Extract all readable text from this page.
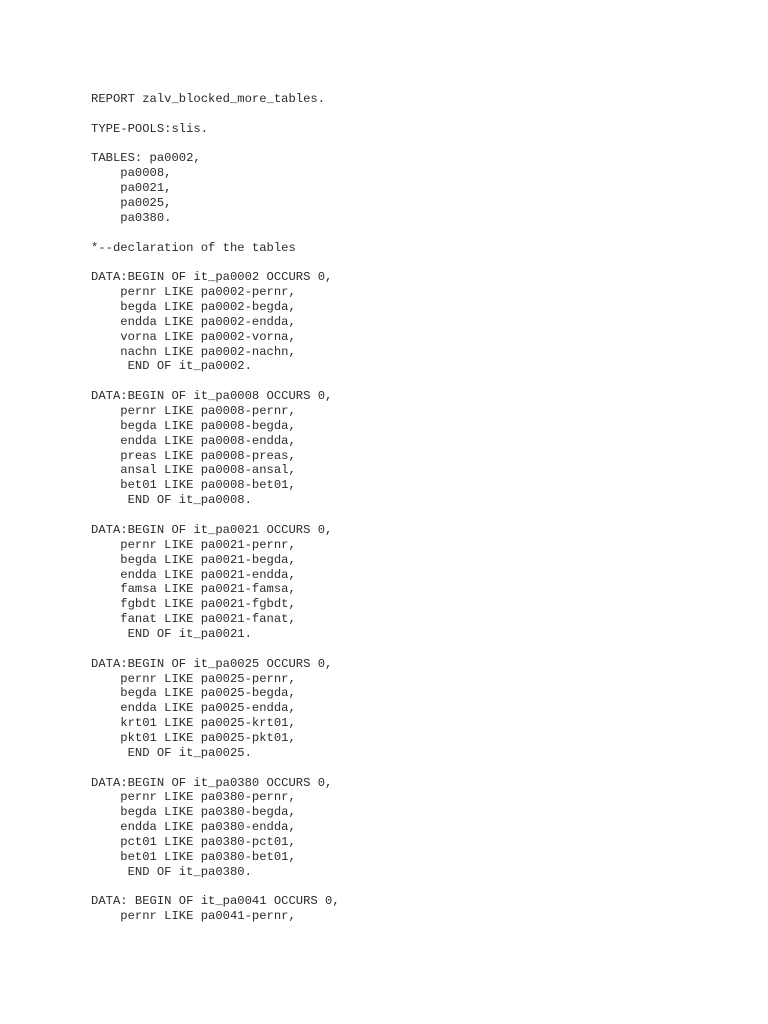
REPORT zalv_blocked_more_tables.
TYPE-POOLS:slis.
TABLES: pa0002,
pa0008,
pa0021,
pa0025,
pa0380.
*--declaration of the tables
DATA:BEGIN OF it_pa0002 OCCURS 0,
pernr LIKE pa0002-pernr,
begda LIKE pa0002-begda,
endda LIKE pa0002-endda,
vorna LIKE pa0002-vorna,
nachn LIKE pa0002-nachn,
END OF it_pa0002.
DATA:BEGIN OF it_pa0008 OCCURS 0,
pernr LIKE pa0008-pernr,
begda LIKE pa0008-begda,
endda LIKE pa0008-endda,
preas LIKE pa0008-preas,
ansal LIKE pa0008-ansal,
bet01 LIKE pa0008-bet01,
END OF it_pa0008.
DATA:BEGIN OF it_pa0021 OCCURS 0,
pernr LIKE pa0021-pernr,
begda LIKE pa0021-begda,
endda LIKE pa0021-endda,
famsa LIKE pa0021-famsa,
fgbdt LIKE pa0021-fgbdt,
fanat LIKE pa0021-fanat,
END OF it_pa0021.
DATA:BEGIN OF it_pa0025 OCCURS 0,
pernr LIKE pa0025-pernr,
begda LIKE pa0025-begda,
endda LIKE pa0025-endda,
krt01 LIKE pa0025-krt01,
pkt01 LIKE pa0025-pkt01,
END OF it_pa0025.
DATA:BEGIN OF it_pa0380 OCCURS 0,
pernr LIKE pa0380-pernr,
begda LIKE pa0380-begda,
endda LIKE pa0380-endda,
pct01 LIKE pa0380-pct01,
bet01 LIKE pa0380-bet01,
END OF it_pa0380.
DATA: BEGIN OF it_pa0041 OCCURS 0,
pernr LIKE pa0041-pernr,
